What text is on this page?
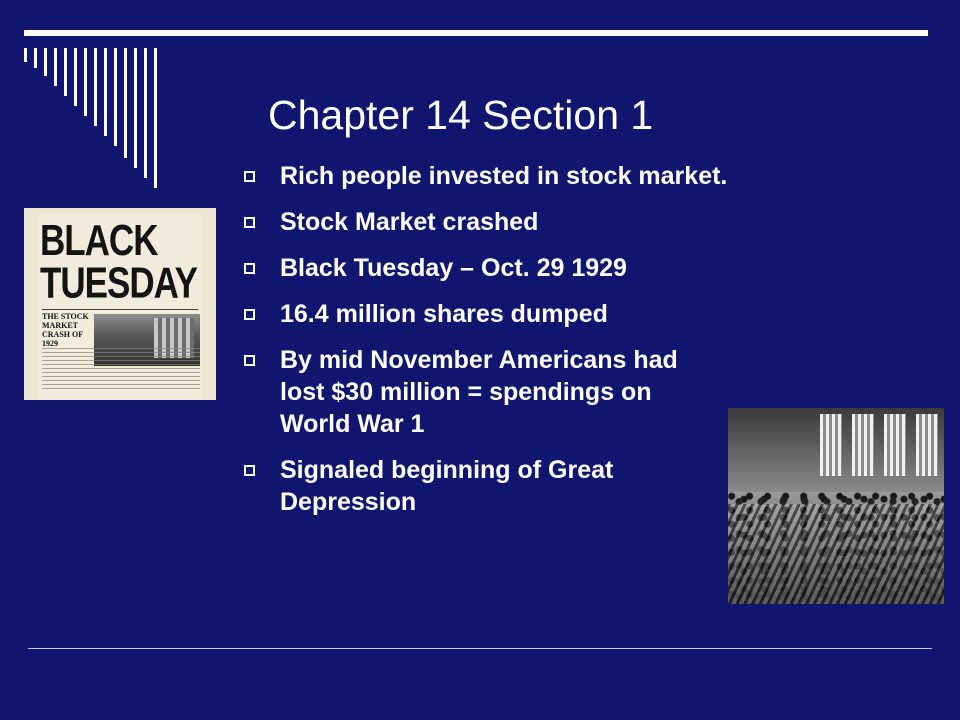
Chapter 14 Section 1
Rich people invested in stock market.
Stock Market crashed
Black Tuesday – Oct. 29 1929
16.4 million shares dumped
By mid November Americans had lost $30 million = spendings on World War 1
Signaled beginning of Great Depression
BLACK TUESDAY
THE STOCK MARKET CRASH OF 1929
